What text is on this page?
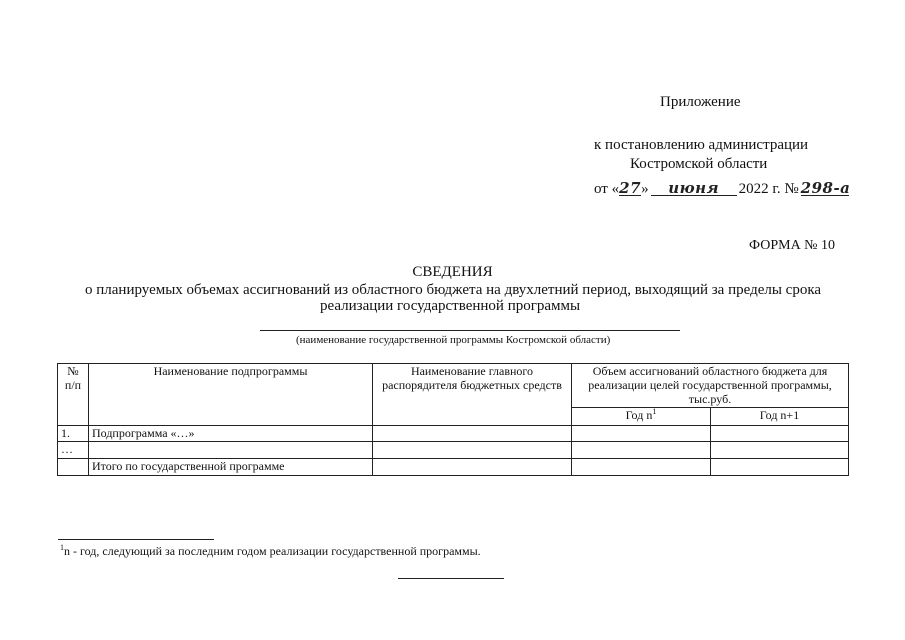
Приложение
к постановлению администрации
Костромской области
от «27» июня 2022 г. № 298-а
ФОРМА № 10
СВЕДЕНИЯ
о планируемых объемах ассигнований из областного бюджета на двухлетний период, выходящий за пределы срока
реализации государственной программы
(наименование государственной программы Костромской области)
№ п/п	Наименование подпрограммы	Наименование главного распорядителя бюджетных средств	Объем ассигнований областного бюджета для реализации целей государственной программы, тыс.руб.	
			Год $n^1$	Год n+1
1.	Подпрограмма «…»			
…				
	Итого по государственной программе			
$^1$n - год, следующий за последним годом реализации государственной программы.
